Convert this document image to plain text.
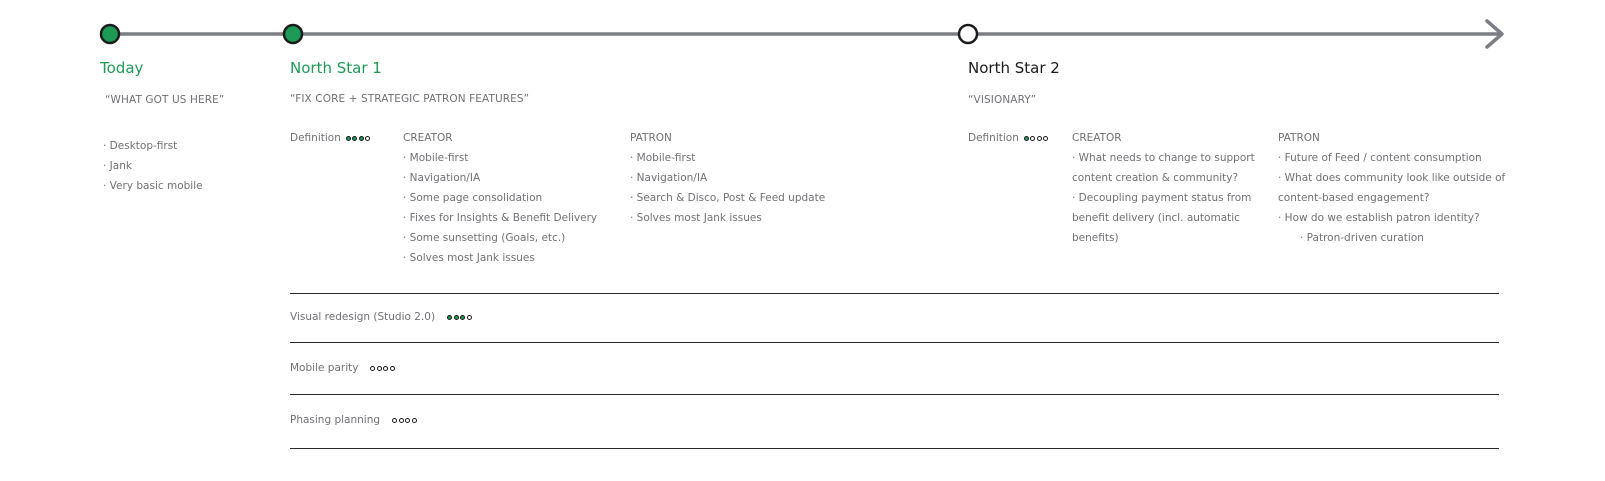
Today
“WHAT GOT US HERE”
· Desktop-first
· Jank
· Very basic mobile
North Star 1
“FIX CORE + STRATEGIC PATRON FEATURES”
Definition	CREATOR
· Mobile-first
· Navigation/IA
· Some page consolidation
· Fixes for Insights & Benefit Delivery
· Some sunsetting (Goals, etc.)
· Solves most Jank issues
PATRON
· Mobile-first
· Navigation/IA
· Search & Disco, Post & Feed update
· Solves most Jank issues
North Star 2
“VISIONARY”
Definition	CREATOR
· What needs to change to support content creation & community?
· Decoupling payment status from benefit delivery (incl. automatic benefits)
PATRON
· Future of Feed / content consumption
· What does community look like outside of content-based engagement?
· How do we establish patron identity?
· Patron-driven curation
Visual redesign (Studio 2.0)
Mobile parity
Phasing planning
